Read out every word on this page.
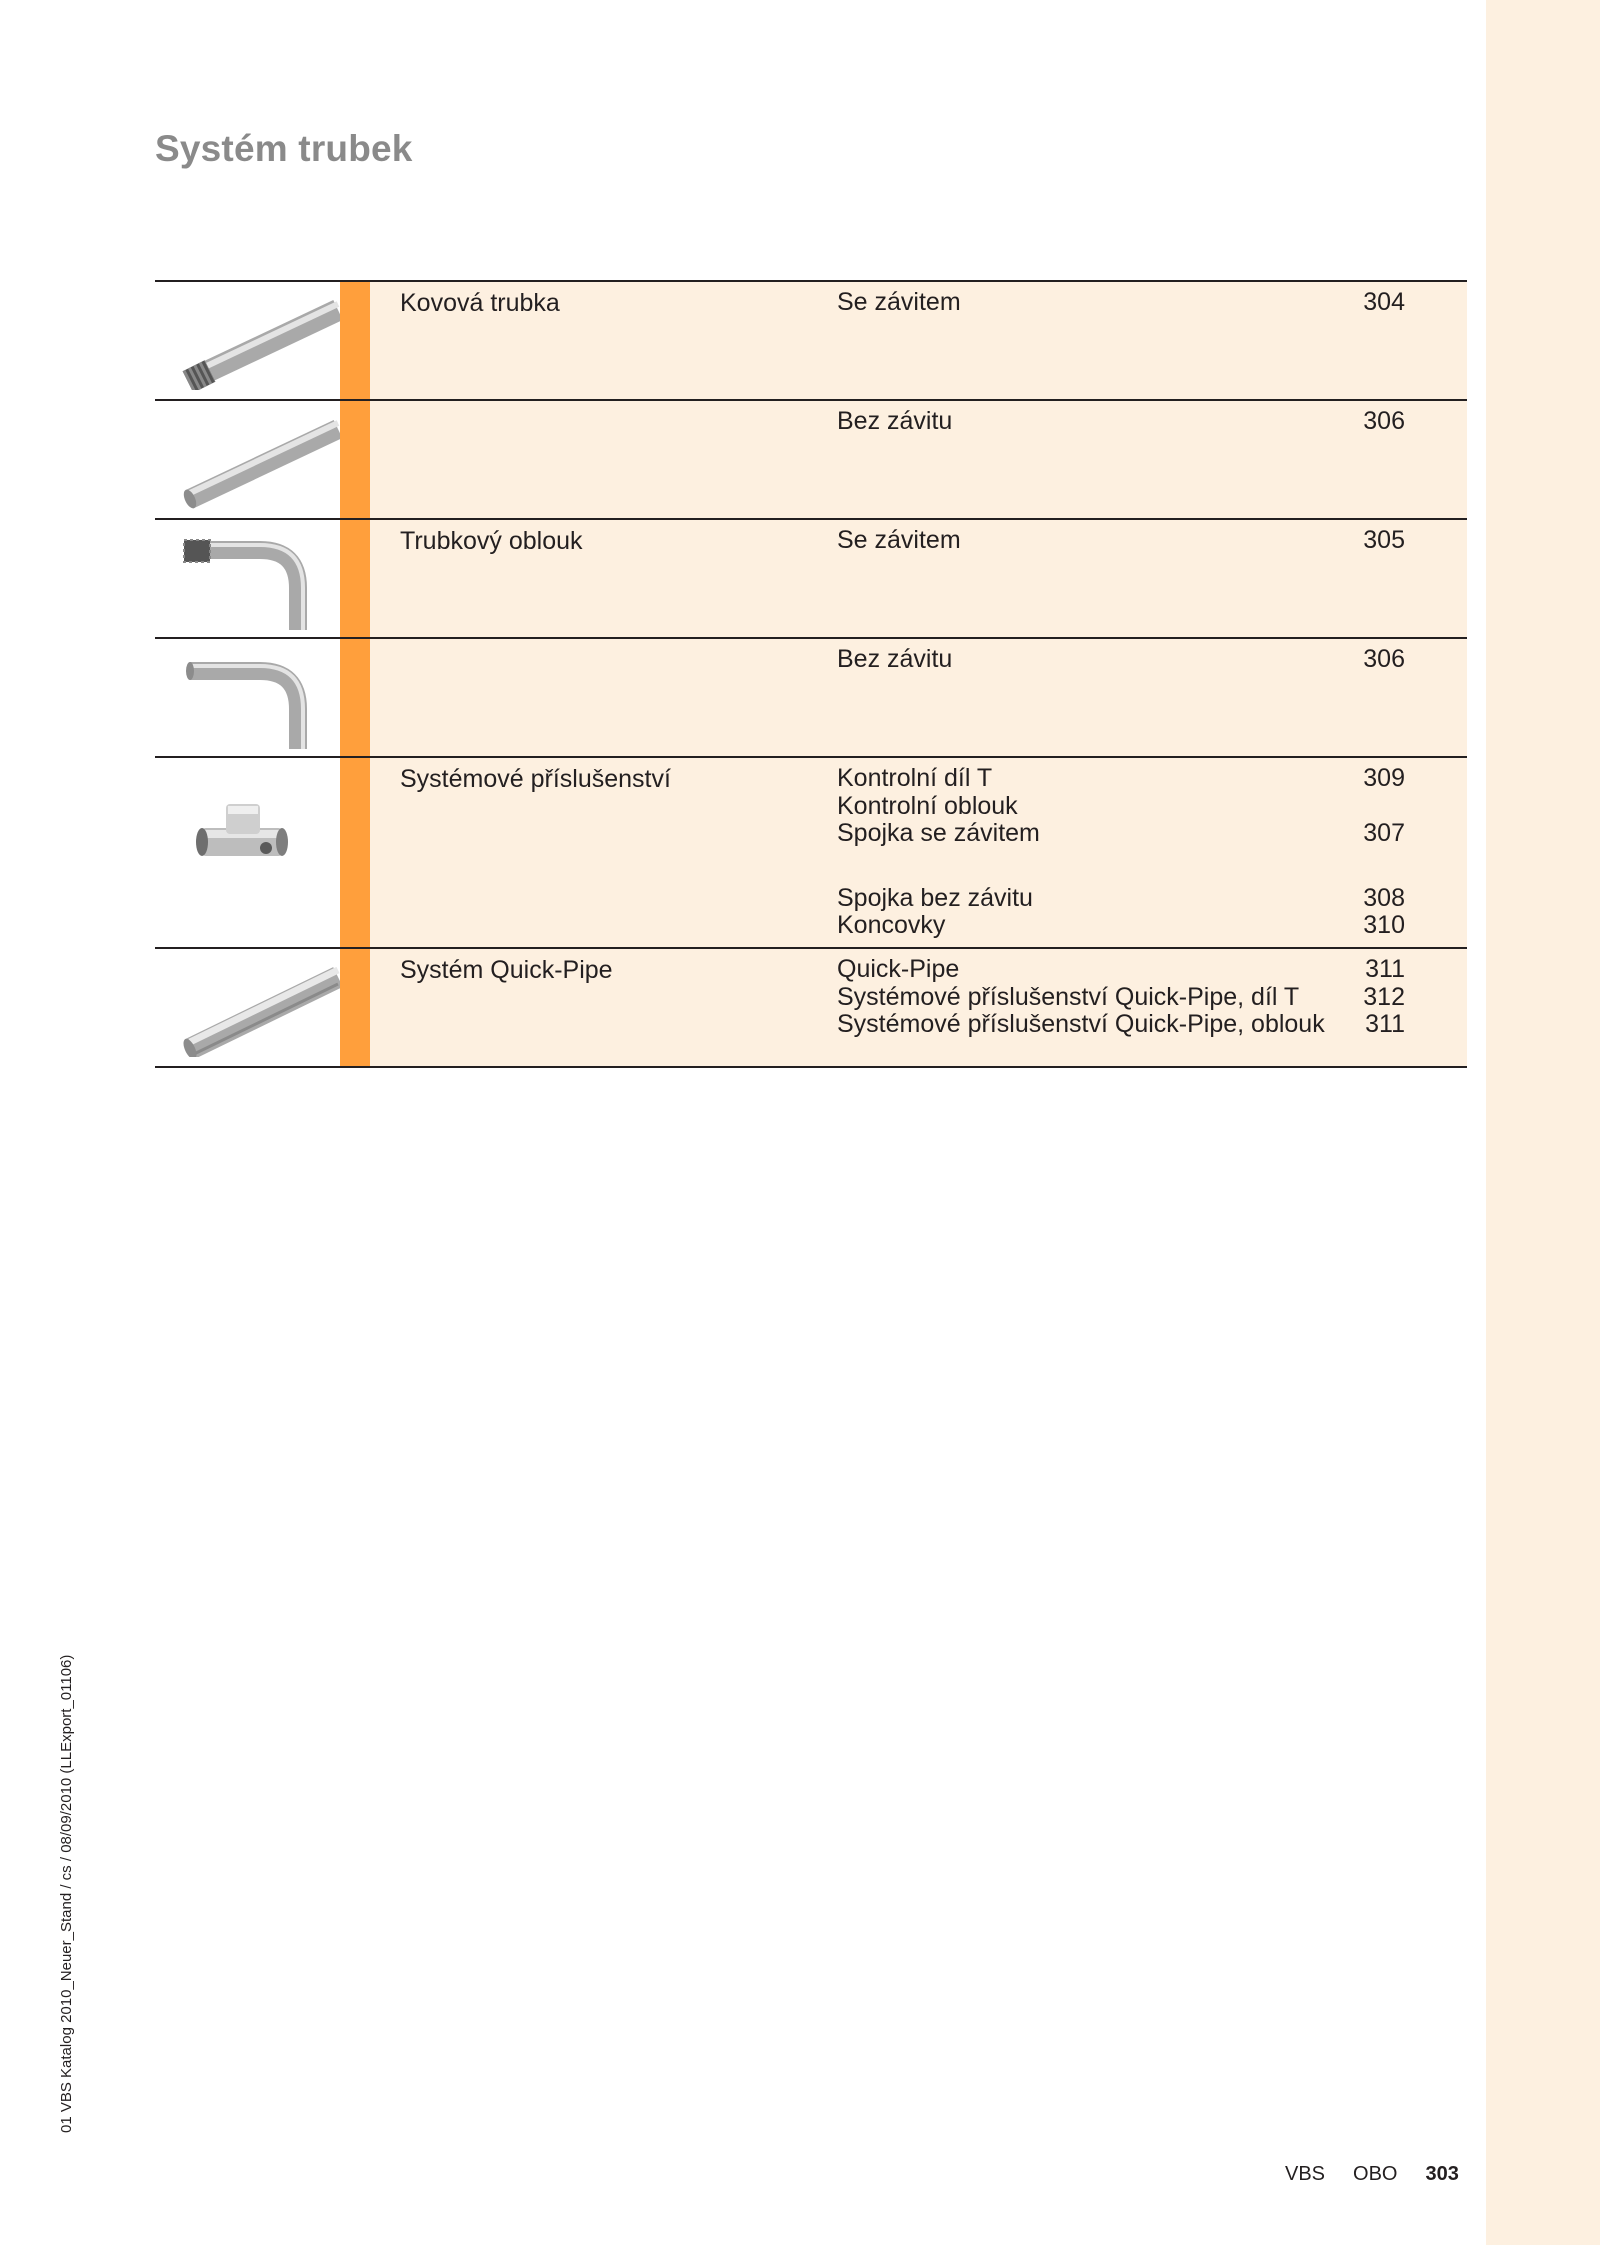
Systém trubek
Kovová trubka	Se závitem	304
Bez závitu	306
Trubkový oblouk	Se závitem	305
Bez závitu	306
Systémové příslušenství	Kontrolní díl T	309
Kontrolní oblouk
Spojka se závitem	307
Spojka bez závitu	308
Koncovky	310
Systém Quick-Pipe	Quick-Pipe	311
Systémové příslušenství Quick-Pipe, díl T	312
Systémové příslušenství Quick-Pipe, oblouk	311
01 VBS Katalog 2010_Neuer_Stand / cs / 08/09/2010 (LLExport_01106)
VBS OBO 303
